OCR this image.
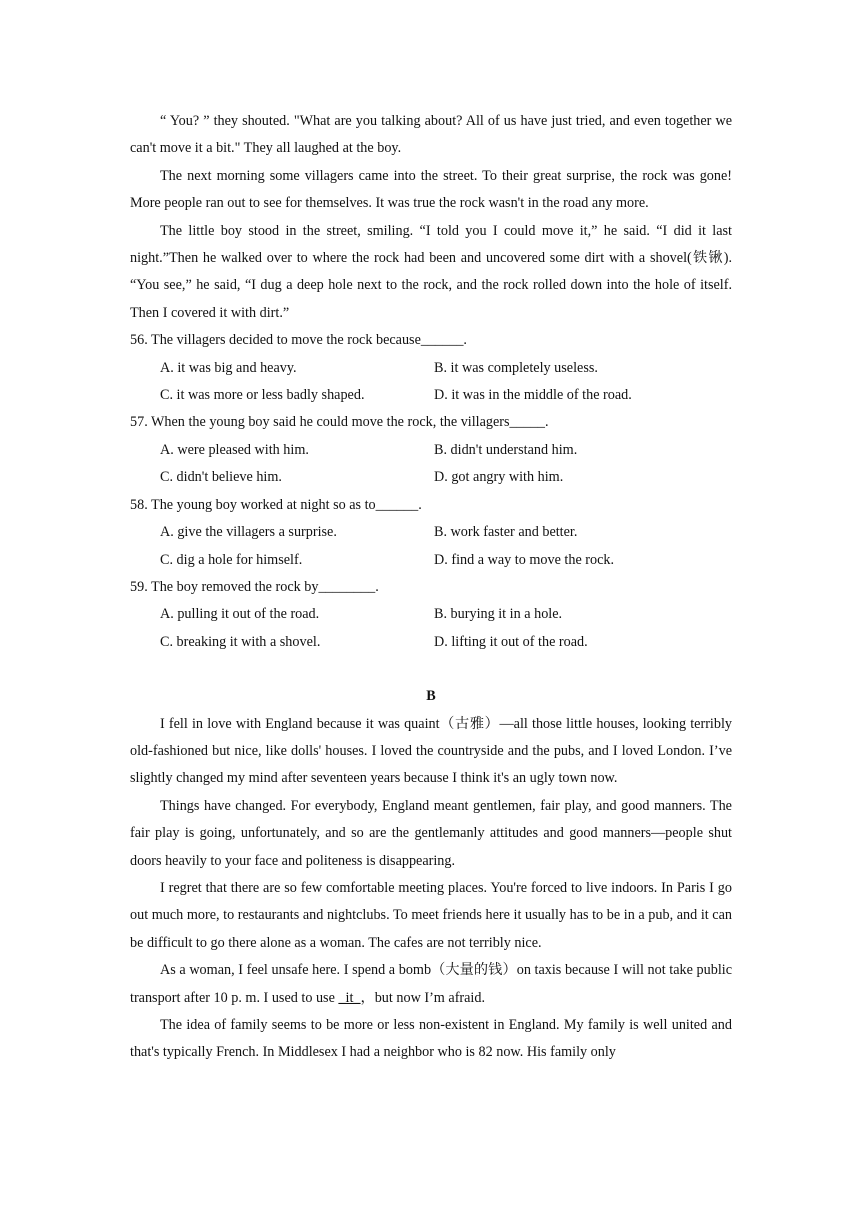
“ You? ” they shouted. "What are you talking about? All of us have just tried, and even together we can't move it a bit." They all laughed at the boy.

The next morning some villagers came into the street. To their great surprise, the rock was gone! More people ran out to see for themselves. It was true the rock wasn't in the road any more.

The little boy stood in the street, smiling. “I told you I could move it,” he said. “I did it last night.”Then he walked over to where the rock had been and uncovered some dirt with a shovel(铁锹). “You see,” he said, “I dug a deep hole next to the rock, and the rock rolled down into the hole of itself. Then I covered it with dirt.”

56. The villagers decided to move the rock because______.

A. it was big and heavy.	B. it was completely useless.
C. it was more or less badly shaped.	D. it was in the middle of the road.

57. When the young boy said he could move the rock, the villagers_____.

A. were pleased with him.	B. didn't understand him.
C. didn't believe him.	D. got angry with him.

58. The young boy worked at night so as to______.

A. give the villagers a surprise.	B. work faster and better.
C. dig a hole for himself.	D. find a way to move the rock.

59. The boy removed the rock by________.

A. pulling it out of the road.	B. burying it in a hole.
C. breaking it with a shovel.	D. lifting it out of the road.

B

I fell in love with England because it was quaint（古雅）—all those little houses, looking terribly old-fashioned but nice, like dolls' houses. I loved the countryside and the pubs, and I loved London. I’ve slightly changed my mind after seventeen years because I think it's an ugly town now.

Things have changed. For everybody, England meant gentlemen, fair play, and good manners. The fair play is going, unfortunately, and so are the gentlemanly attitudes and good manners—people shut doors heavily to your face and politeness is disappearing.

I regret that there are so few comfortable meeting places. You're forced to live indoors. In Paris I go out much more, to restaurants and nightclubs. To meet friends here it usually has to be in a pub, and it can be difficult to go there alone as a woman. The cafes are not terribly nice.

As a woman, I feel unsafe here. I spend a bomb（大量的钱）on taxis because I will not take public transport after 10 p. m. I used to use _it_，but now I’m afraid.

The idea of family seems to be more or less non-existent in England. My family is well united and that's typically French. In Middlesex I had a neighbor who is 82 now. His family only
